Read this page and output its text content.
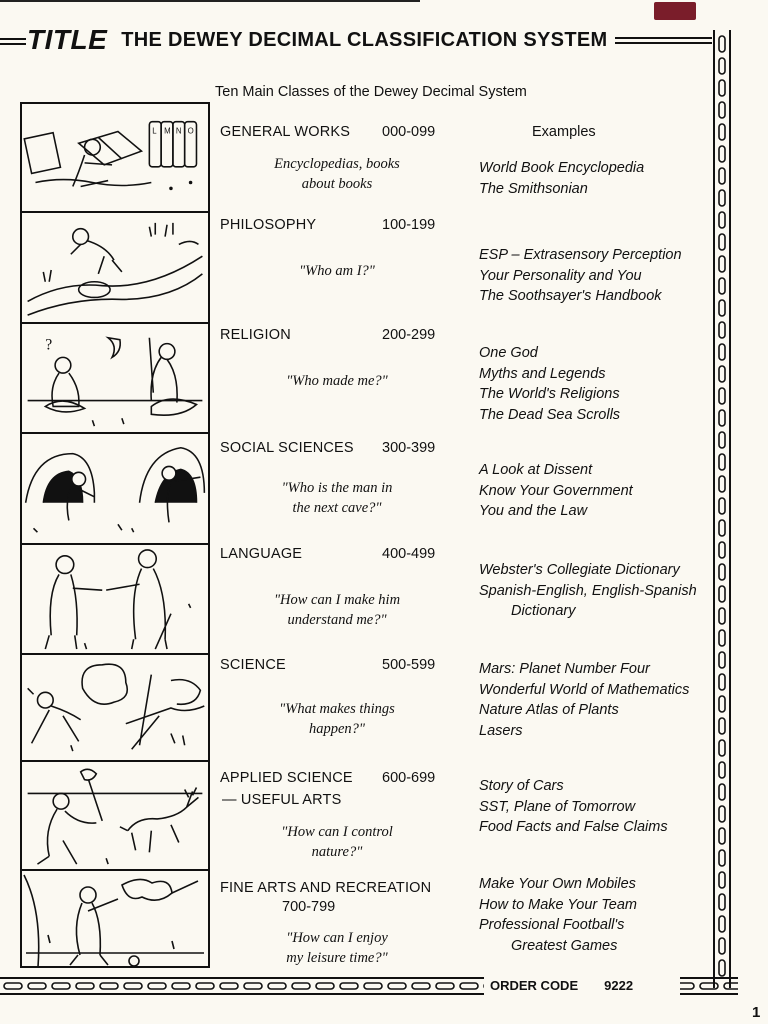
TITLE THE DEWEY DECIMAL CLASSIFICATION SYSTEM
ORDER CODE 9222
1
Ten Main Classes of the Dewey Decimal System
Examples
L M N O
?
GENERAL WORKS 000-099
Encyclopedias, books
about books
World Book Encyclopedia
The Smithsonian
PHILOSOPHY	100-199
"Who am I?"
ESP – Extrasensory Perception
Your Personality and You
The Soothsayer's Handbook
RELIGION	200-299
"Who made me?"
One God
Myths and Legends
The World's Religions
The Dead Sea Scrolls
SOCIAL SCIENCES 300-399
"Who is the man in
the next cave?"
A Look at Dissent
Know Your Government
You and the Law
LANGUAGE	400-499
"How can I make him
understand me?"
Webster's Collegiate Dictionary
Spanish-English, English-Spanish
Dictionary
SCIENCE	500-599
"What makes things
happen?"
Mars: Planet Number Four
Wonderful World of Mathematics
Nature Atlas of Plants
Lasers
APPLIED SCIENCE 600-699
— USEFUL ARTS
"How can I control
nature?"
Story of Cars
SST, Plane of Tomorrow
Food Facts and False Claims
FINE ARTS AND RECREATION
700-799
"How can I enjoy
my leisure time?"
Make Your Own Mobiles
How to Make Your Team
Professional Football's
Greatest Games
